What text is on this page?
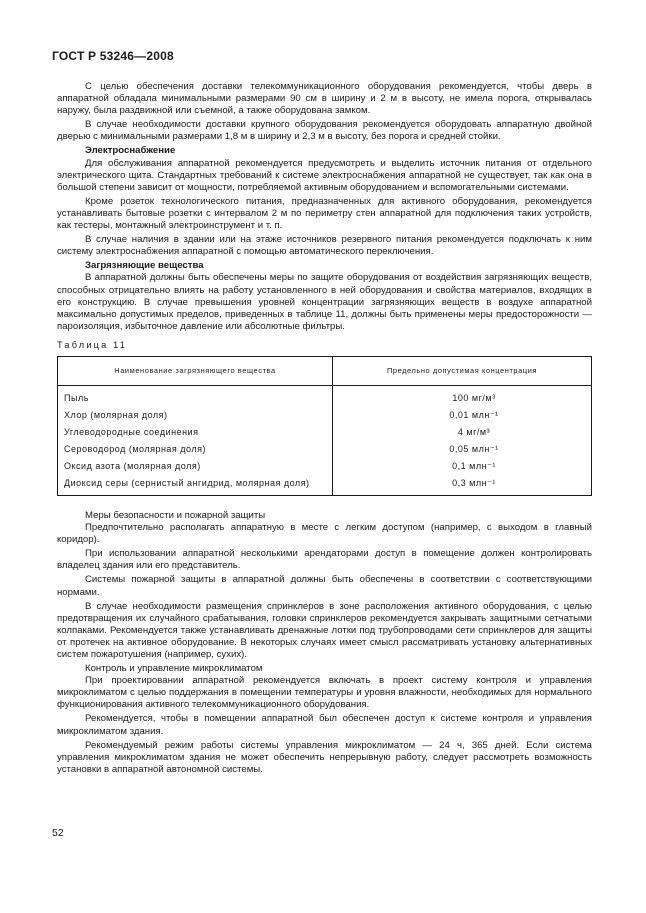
ГОСТ Р 53246—2008

С целью обеспечения доставки телекоммуникационного оборудования рекомендуется, чтобы дверь в аппаратной обладала минимальными размерами 90 см в ширину и 2 м в высоту, не имела порога, открывалась наружу, была раздвижной или съемной, а также оборудована замком.

В случае необходимости доставки крупного оборудования рекомендуется оборудовать аппаратную двойной дверью с минимальными размерами 1,8 м в ширину и 2,3 м в высоту, без порога и средней стойки.

Электроснабжение

Для обслуживания аппаратной рекомендуется предусмотреть и выделить источник питания от отдельного электрического щита. Стандартных требований к системе электроснабжения аппаратной не существует, так как она в большой степени зависит от мощности, потребляемой активным оборудованием и вспомогательными системами.

Кроме розеток технологического питания, предназначенных для активного оборудования, рекомендуется устанавливать бытовые розетки с интервалом 2 м по периметру стен аппаратной для подключения таких устройств, как тестеры, монтажный электроинструмент и т. п.

В случае наличия в здании или на этаже источников резервного питания рекомендуется подключать к ним систему электроснабжения аппаратной с помощью автоматического переключения.

Загрязняющие вещества

В аппаратной должны быть обеспечены меры по защите оборудования от воздействия загрязняющих веществ, способных отрицательно влиять на работу установленного в ней оборудования и свойства материалов, входящих в его конструкцию. В случае превышения уровней концентрации загрязняющих веществ в воздухе аппаратной максимально допустимых пределов, приведенных в таблице 11, должны быть применены меры предосторожности — пароизоляция, избыточное давление или абсолютные фильтры.

Таблица 11
Наименование загрязняющего вещества	Предельно допустимая концентрация
Пыль	100 мг/м³
Хлор (молярная доля)	0,01 млн⁻¹
Углеводородные соединения	4 мг/м³
Сероводород (молярная доля)	0,05 млн⁻¹
Оксид азота (молярная доля)	0,1 млн⁻¹
Диоксид серы (сернистый ангидрид, молярная доля)	0,3 млн⁻¹
Меры безопасности и пожарной защиты

Предпочтительно располагать аппаратную в месте с легким доступом (например, с выходом в главный коридор).

При использовании аппаратной несколькими арендаторами доступ в помещение должен контролировать владелец здания или его представитель.

Системы пожарной защиты в аппаратной должны быть обеспечены в соответствии с соответствующими нормами.

В случае необходимости размещения спринклеров в зоне расположения активного оборудования, с целью предотвращения их случайного срабатывания, головки спринклеров рекомендуется закрывать защитными сетчатыми колпаками. Рекомендуется также устанавливать дренажные лотки под трубопроводами сети спринклеров для защиты от протечек на активное оборудование. В некоторых случаях имеет смысл рассматривать установку альтернативных систем пожаротушения (например, сухих).

Контроль и управление микроклиматом

При проектировании аппаратной рекомендуется включать в проект систему контроля и управления микроклиматом с целью поддержания в помещении температуры и уровня влажности, необходимых для нормального функционирования активного телекоммуникационного оборудования.

Рекомендуется, чтобы в помещении аппаратной был обеспечен доступ к системе контроля и управления микроклиматом здания.

Рекомендуемый режим работы системы управления микроклиматом — 24 ч, 365 дней. Если система управления микроклиматом здания не может обеспечить непрерывную работу, следует рассмотреть возможность установки в аппаратной автономной системы.

52
